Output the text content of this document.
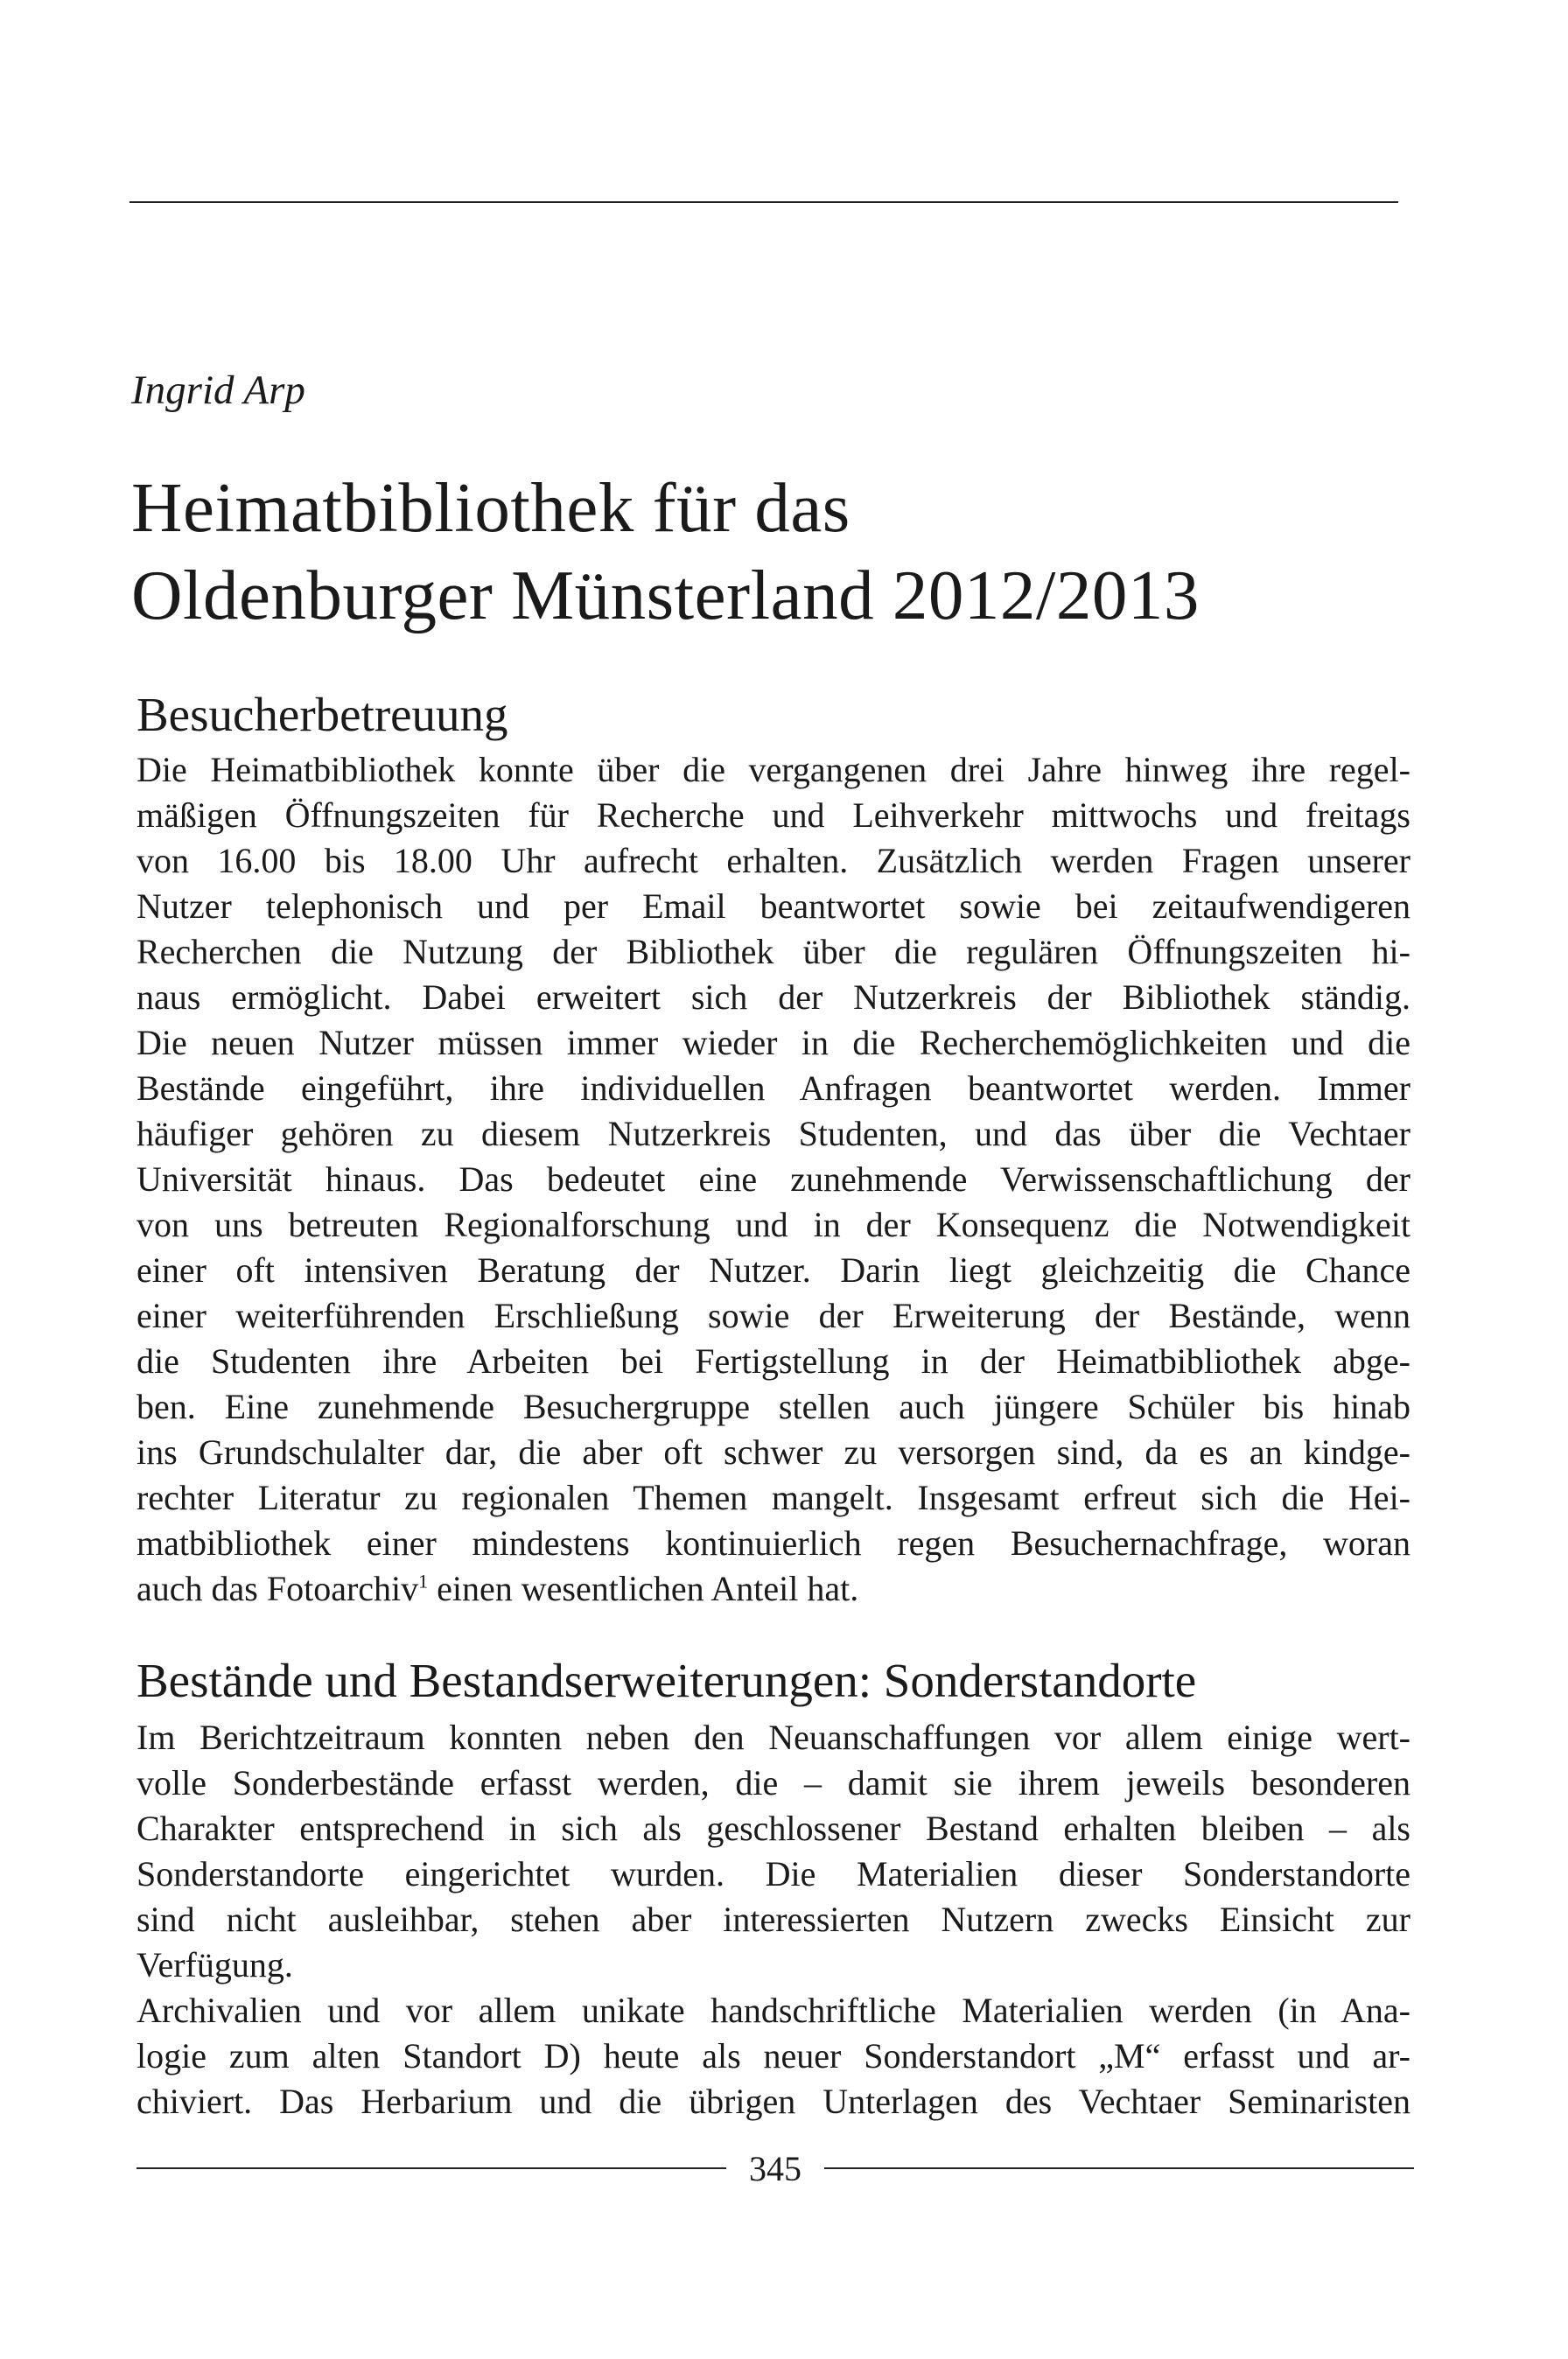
Ingrid Arp

Heimatbibliothek für das
Oldenburger Münsterland 2012/2013
Besucherbetreuung

Die Heimatbibliothek konnte über die vergangenen drei Jahre hinweg ihre regel-
mäßigen Öffnungszeiten für Recherche und Leihverkehr mittwochs und freitags
von 16.00 bis 18.00 Uhr aufrecht erhalten. Zusätzlich werden Fragen unserer
Nutzer telephonisch und per Email beantwortet sowie bei zeitaufwendigeren
Recherchen die Nutzung der Bibliothek über die regulären Öffnungszeiten hi-
naus ermöglicht. Dabei erweitert sich der Nutzerkreis der Bibliothek ständig.
Die neuen Nutzer müssen immer wieder in die Recherchemöglichkeiten und die
Bestände eingeführt, ihre individuellen Anfragen beantwortet werden. Immer
häufiger gehören zu diesem Nutzerkreis Studenten, und das über die Vechtaer
Universität hinaus. Das bedeutet eine zunehmende Verwissenschaftlichung der
von uns betreuten Regionalforschung und in der Konsequenz die Notwendigkeit
einer oft intensiven Beratung der Nutzer. Darin liegt gleichzeitig die Chance
einer weiterführenden Erschließung sowie der Erweiterung der Bestände, wenn
die Studenten ihre Arbeiten bei Fertigstellung in der Heimatbibliothek abge-
ben. Eine zunehmende Besuchergruppe stellen auch jüngere Schüler bis hinab
ins Grundschulalter dar, die aber oft schwer zu versorgen sind, da es an kindge-
rechter Literatur zu regionalen Themen mangelt. Insgesamt erfreut sich die Hei-
matbibliothek einer mindestens kontinuierlich regen Besuchernachfrage, woran
auch das Fotoarchiv$^1$ einen wesentlichen Anteil hat.

Bestände und Bestandserweiterungen: Sonderstandorte

Im Berichtzeitraum konnten neben den Neuanschaffungen vor allem einige wert-
volle Sonderbestände erfasst werden, die – damit sie ihrem jeweils besonderen
Charakter entsprechend in sich als geschlossener Bestand erhalten bleiben – als
Sonderstandorte eingerichtet wurden. Die Materialien dieser Sonderstandorte
sind nicht ausleihbar, stehen aber interessierten Nutzern zwecks Einsicht zur
Verfügung.

Archivalien und vor allem unikate handschriftliche Materialien werden (in Ana-
logie zum alten Standort D) heute als neuer Sonderstandort „M“ erfasst und ar-
chiviert. Das Herbarium und die übrigen Unterlagen des Vechtaer Seminaristen

345
